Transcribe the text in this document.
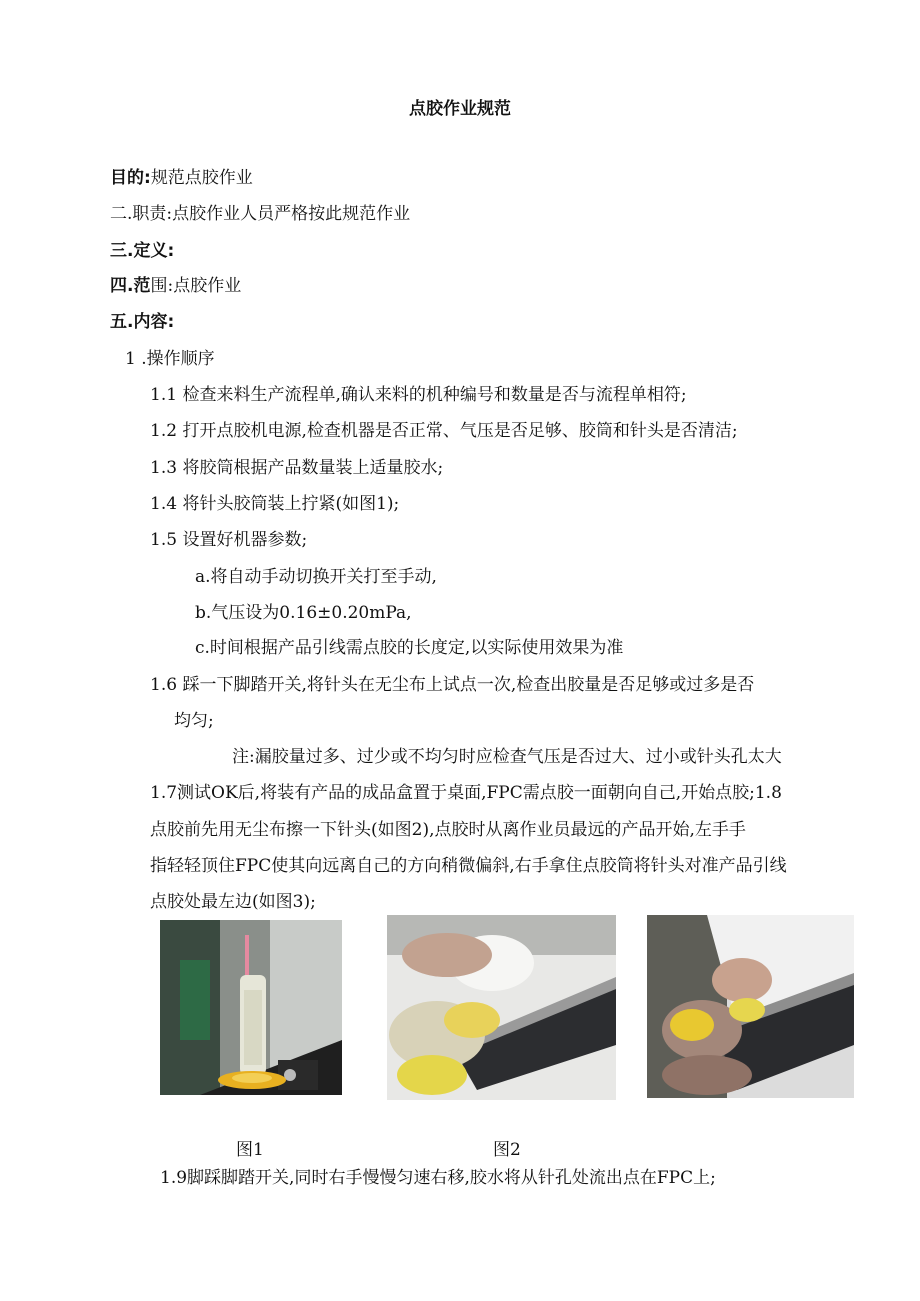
点胶作业规范
目的:规范点胶作业
二.职责:点胶作业人员严格按此规范作业
三.定义:
四.范围:点胶作业
五.内容:
1 .操作顺序
1.1 检查来料生产流程单,确认来料的机种编号和数量是否与流程单相符;
1.2 打开点胶机电源,检查机器是否正常、气压是否足够、胶筒和针头是否清洁;
1.3 将胶筒根据产品数量装上适量胶水;
1.4 将针头胶筒装上拧紧(如图1);
1.5 设置好机器参数;
a.将自动手动切换开关打至手动,
b.气压设为0.16±0.20mPa,
c.时间根据产品引线需点胶的长度定,以实际使用效果为准
1.6 踩一下脚踏开关,将针头在无尘布上试点一次,检查出胶量是否足够或过多是否
均匀;
注:漏胶量过多、过少或不均匀时应检查气压是否过大、过小或针头孔太大
1.7测试OK后,将装有产品的成品盒置于桌面,FPC需点胶一面朝向自己,开始点胶;1.8
点胶前先用无尘布擦一下针头(如图2),点胶时从离作业员最远的产品开始,左手手
指轻轻顶住FPC使其向远离自己的方向稍微偏斜,右手拿住点胶筒将针头对准产品引线
点胶处最左边(如图3);
图1	图2
1.9脚踩脚踏开关,同时右手慢慢匀速右移,胶水将从针孔处流出点在FPC上;
